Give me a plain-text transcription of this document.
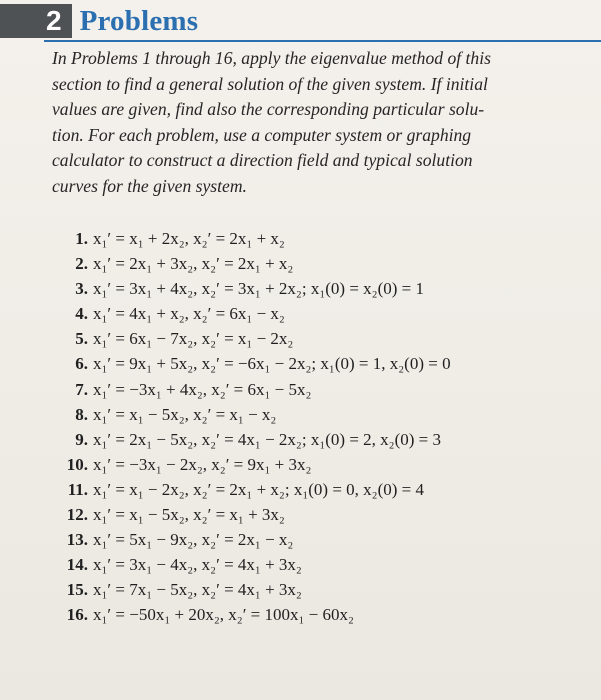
2 Problems
In Problems 1 through 16, apply the eigenvalue method of this
section to find a general solution of the given system. If initial
values are given, find also the corresponding particular solu-
tion. For each problem, use a computer system or graphing
calculator to construct a direction field and typical solution
curves for the given system.
1. x₁′ = x₁ + 2x₂, x₂′ = 2x₁ + x₂
2. x₁′ = 2x₁ + 3x₂, x₂′ = 2x₁ + x₂
3. x₁′ = 3x₁ + 4x₂, x₂′ = 3x₁ + 2x₂; x₁(0) = x₂(0) = 1
4. x₁′ = 4x₁ + x₂, x₂′ = 6x₁ − x₂
5. x₁′ = 6x₁ − 7x₂, x₂′ = x₁ − 2x₂
6. x₁′ = 9x₁ + 5x₂, x₂′ = −6x₁ − 2x₂; x₁(0) = 1, x₂(0) = 0
7. x₁′ = −3x₁ + 4x₂, x₂′ = 6x₁ − 5x₂
8. x₁′ = x₁ − 5x₂, x₂′ = x₁ − x₂
9. x₁′ = 2x₁ − 5x₂, x₂′ = 4x₁ − 2x₂; x₁(0) = 2, x₂(0) = 3
10. x₁′ = −3x₁ − 2x₂, x₂′ = 9x₁ + 3x₂
11. x₁′ = x₁ − 2x₂, x₂′ = 2x₁ + x₂; x₁(0) = 0, x₂(0) = 4
12. x₁′ = x₁ − 5x₂, x₂′ = x₁ + 3x₂
13. x₁′ = 5x₁ − 9x₂, x₂′ = 2x₁ − x₂
14. x₁′ = 3x₁ − 4x₂, x₂′ = 4x₁ + 3x₂
15. x₁′ = 7x₁ − 5x₂, x₂′ = 4x₁ + 3x₂
16. x₁′ = −50x₁ + 20x₂, x₂′ = 100x₁ − 60x₂
